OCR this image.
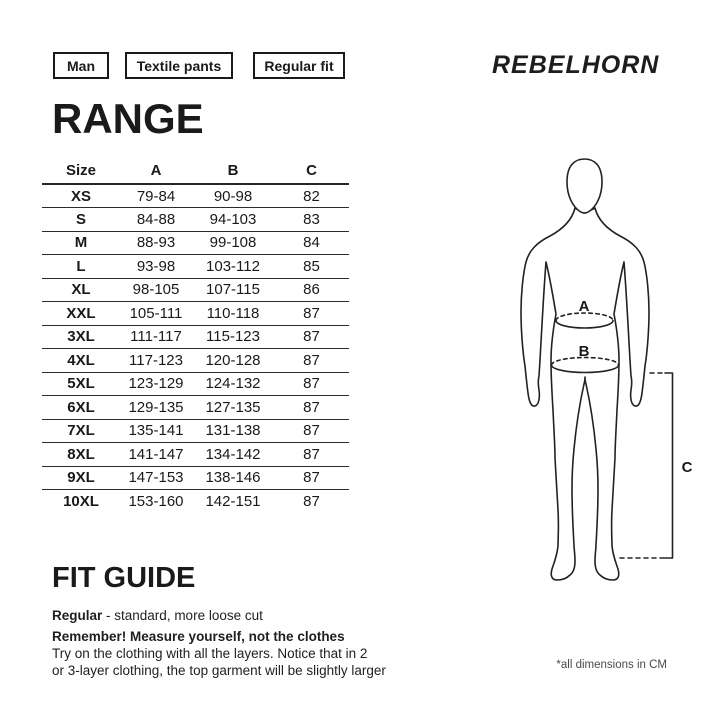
Man	Textile pants	Regular fit	REBELHORN
RANGE
Size	A	B	C
XS	79-84	90-98	82
S	84-88	94-103	83
M	88-93	99-108	84
L	93-98	103-112	85
XL	98-105	107-115	86
XXL	105-111	110-118	87
3XL	111-117	115-123	87
4XL	117-123	120-128	87
5XL	123-129	124-132	87
6XL	129-135	127-135	87
7XL	135-141	131-138	87
8XL	141-147	134-142	87
9XL	147-153	138-146	87
10XL	153-160	142-151	87
A
B
C
FIT GUIDE
Regular - standard, more loose cut
Remember! Measure yourself, not the clothes
Try on the clothing with all the layers. Notice that in 2
or 3-layer clothing, the top garment will be slightly larger	*all dimensions in CM
